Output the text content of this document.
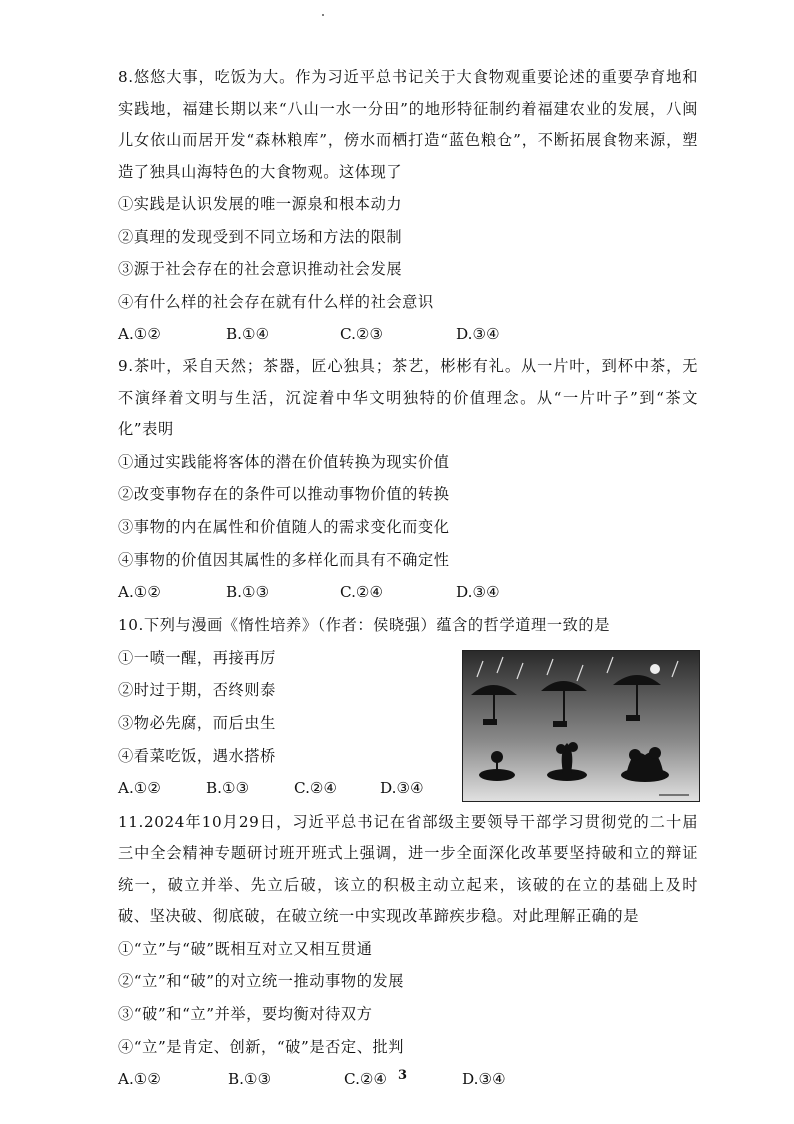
8.悠悠大事，吃饭为大。作为习近平总书记关于大食物观重要论述的重要孕育地和实践地，福建长期以来“八山一水一分田”的地形特征制约着福建农业的发展，八闽儿女依山而居开发“森林粮库”，傍水而栖打造“蓝色粮仓”，不断拓展食物来源，塑造了独具山海特色的大食物观。这体现了

①实践是认识发展的唯一源泉和根本动力

②真理的发现受到不同立场和方法的限制

③源于社会存在的社会意识推动社会发展

④有什么样的社会存在就有什么样的社会意识

A.①②	B.①④	C.②③	D.③④

9.茶叶，采自天然；茶器，匠心独具；茶艺，彬彬有礼。从一片叶，到杯中茶，无不演绎着文明与生活，沉淀着中华文明独特的价值理念。从“一片叶子”到“茶文化”表明

①通过实践能将客体的潜在价值转换为现实价值

②改变事物存在的条件可以推动事物价值的转换

③事物的内在属性和价值随人的需求变化而变化

④事物的价值因其属性的多样化而具有不确定性

A.①②	B.①③	C.②④	D.③④

10.下列与漫画《惰性培养》（作者：侯晓强）蕴含的哲学道理一致的是

①一喷一醒，再接再厉

②时过于期，否终则泰

③物必先腐，而后虫生

④看菜吃饭，遇水搭桥

A.①②	B.①③	C.②④	D.③④

11.2024年10月29日，习近平总书记在省部级主要领导干部学习贯彻党的二十届三中全会精神专题研讨班开班式上强调，进一步全面深化改革要坚持破和立的辩证统一，破立并举、先立后破，该立的积极主动立起来，该破的在立的基础上及时破、坚决破、彻底破，在破立统一中实现改革蹄疾步稳。对此理解正确的是

①“立”与“破”既相互对立又相互贯通

②“立”和“破”的对立统一推动事物的发展

③“破”和“立”并举，要均衡对待双方

④“立”是肯定、创新，“破”是否定、批判

A.①②	B.①③	C.②④	D.③④
3
